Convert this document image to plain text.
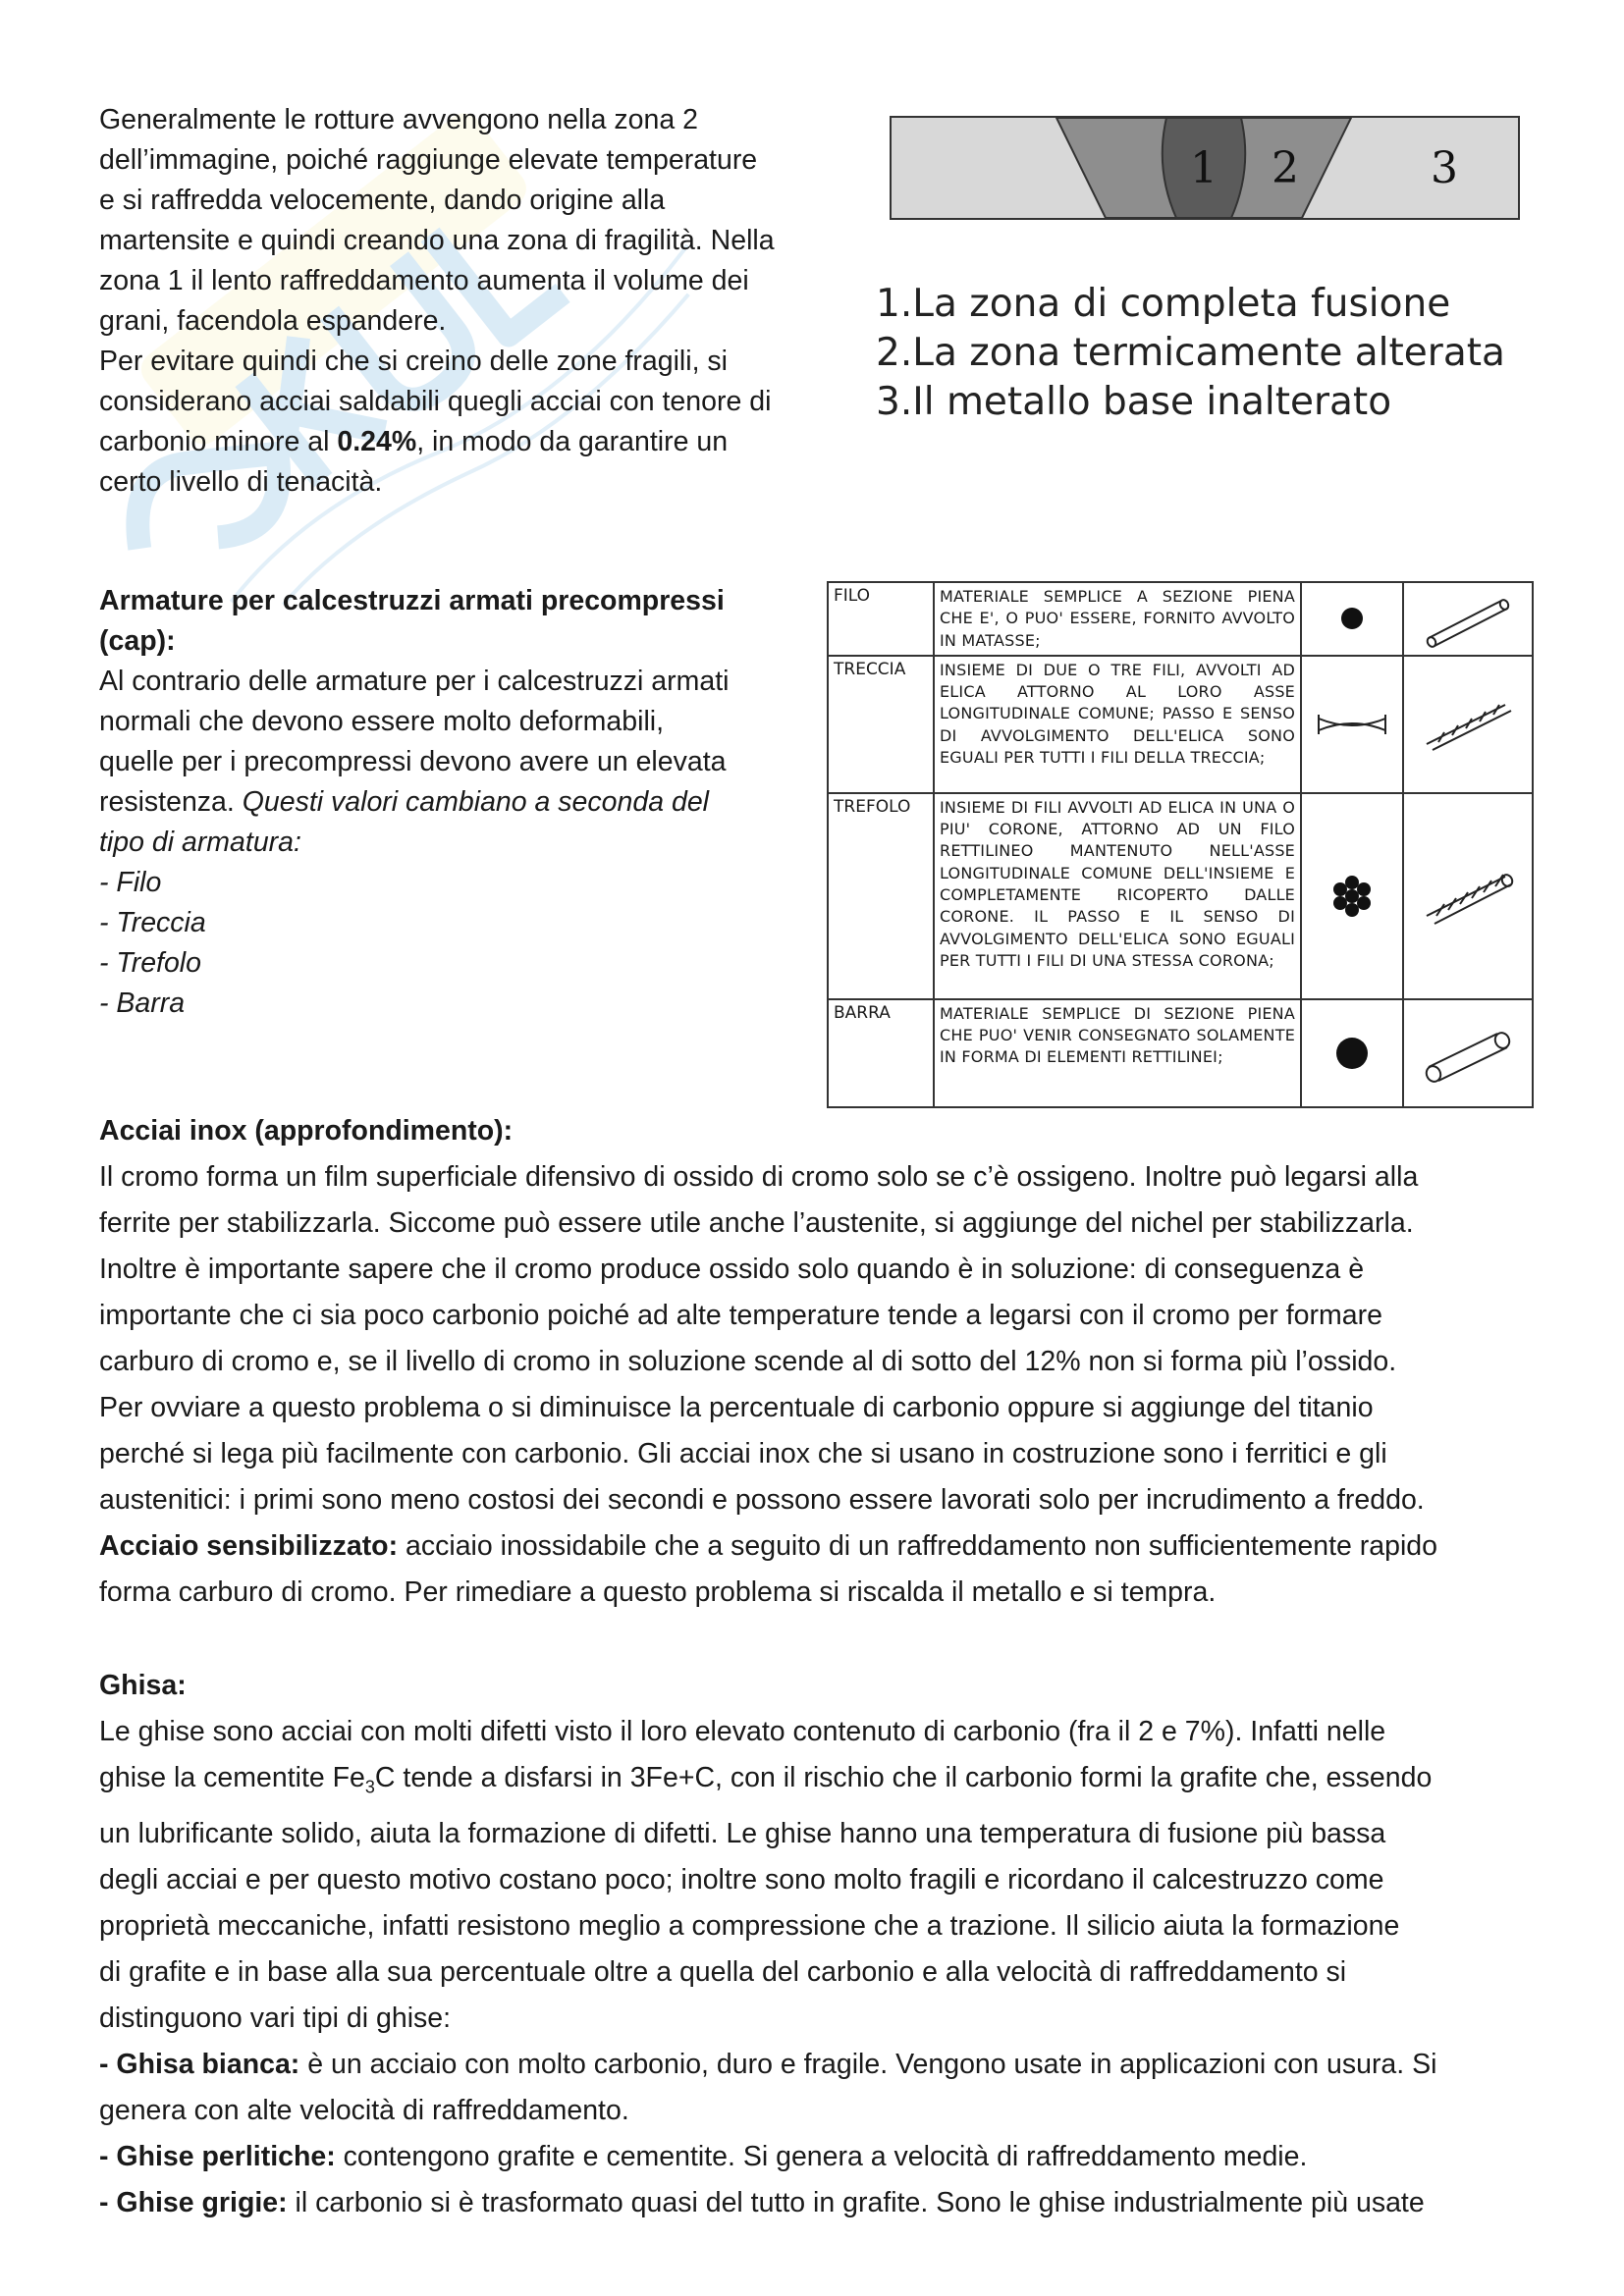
Generalmente le rotture avvengono nella zona 2

dell’immagine, poiché raggiunge elevate temperature

e si raffredda velocemente, dando origine alla

martensite e quindi creando una zona di fragilità. Nella

zona 1 il lento raffreddamento aumenta il volume dei

grani, facendola espandere.

Per evitare quindi che si creino delle zone fragili, si

considerano acciai saldabili quegli acciai con tenore di

carbonio minore al 0.24%, in modo da garantire un

certo livello di tenacità.

1 2	3
1.La zona di completa fusione
2.La zona termicamente alterata
3.Il metallo base inalterato

Armature per calcestruzzi armati precompressi

(cap):

Al contrario delle armature per i calcestruzzi armati

normali che devono essere molto deformabili,

quelle per i precompressi devono avere un elevata

resistenza. Questi valori cambiano a seconda del

tipo di armatura:

- Filo

- Treccia

- Trefolo

- Barra

FILO	MATERIALE SEMPLICE A SEZIONE PIENA CHE E', O PUO' ESSERE, FORNITO AVVOLTO IN MATASSE;	

TRECCIA	INSIEME DI DUE O TRE FILI, AVVOLTI AD ELICA ATTORNO AL LORO ASSE LONGITUDINALE COMUNE; PASSO E SENSO DI AVVOLGIMENTO DELL'ELICA SONO EGUALI PER TUTTI I FILI DELLA TRECCIA;	

TREFOLO	INSIEME DI FILI AVVOLTI AD ELICA IN UNA O PIU' CORONE, ATTORNO AD UN FILO RETTILINEO MANTENUTO NELL'ASSE LONGITUDINALE COMUNE DELL'INSIEME E COMPLETAMENTE RICOPERTO DALLE CORONE. IL PASSO E IL SENSO DI AVVOLGIMENTO DELL'ELICA SONO EGUALI PER TUTTI I FILI DI UNA STESSA CORONA;	

BARRA	MATERIALE SEMPLICE DI SEZIONE PIENA CHE PUO' VENIR CONSEGNATO SOLAMENTE IN FORMA DI ELEMENTI RETTILINEI;	

Acciai inox (approfondimento):

Il cromo forma un film superficiale difensivo di ossido di cromo solo se c’è ossigeno. Inoltre può legarsi alla

ferrite per stabilizzarla. Siccome può essere utile anche l’austenite, si aggiunge del nichel per stabilizzarla.

Inoltre è importante sapere che il cromo produce ossido solo quando è in soluzione: di conseguenza è

importante che ci sia poco carbonio poiché ad alte temperature tende a legarsi con il cromo per formare

carburo di cromo e, se il livello di cromo in soluzione scende al di sotto del 12% non si forma più l’ossido.

Per ovviare a questo problema o si diminuisce la percentuale di carbonio oppure si aggiunge del titanio

perché si lega più facilmente con carbonio. Gli acciai inox che si usano in costruzione sono i ferritici e gli

austenitici: i primi sono meno costosi dei secondi e possono essere lavorati solo per incrudimento a freddo.

Acciaio sensibilizzato: acciaio inossidabile che a seguito di un raffreddamento non sufficientemente rapido

forma carburo di cromo. Per rimediare a questo problema si riscalda il metallo e si tempra.

Ghisa:

Le ghise sono acciai con molti difetti visto il loro elevato contenuto di carbonio (fra il 2 e 7%). Infatti nelle

ghise la cementite $Fe_3C$ tende a disfarsi in 3Fe+C, con il rischio che il carbonio formi la grafite che, essendo

un lubrificante solido, aiuta la formazione di difetti. Le ghise hanno una temperatura di fusione più bassa

degli acciai e per questo motivo costano poco; inoltre sono molto fragili e ricordano il calcestruzzo come

proprietà meccaniche, infatti resistono meglio a compressione che a trazione. Il silicio aiuta la formazione

di grafite e in base alla sua percentuale oltre a quella del carbonio e alla velocità di raffreddamento si

distinguono vari tipi di ghise:

- Ghisa bianca: è un acciaio con molto carbonio, duro e fragile. Vengono usate in applicazioni con usura. Si

genera con alte velocità di raffreddamento.

- Ghise perlitiche: contengono grafite e cementite. Si genera a velocità di raffreddamento medie.

- Ghise grigie: il carbonio si è trasformato quasi del tutto in grafite. Sono le ghise industrialmente più usate
